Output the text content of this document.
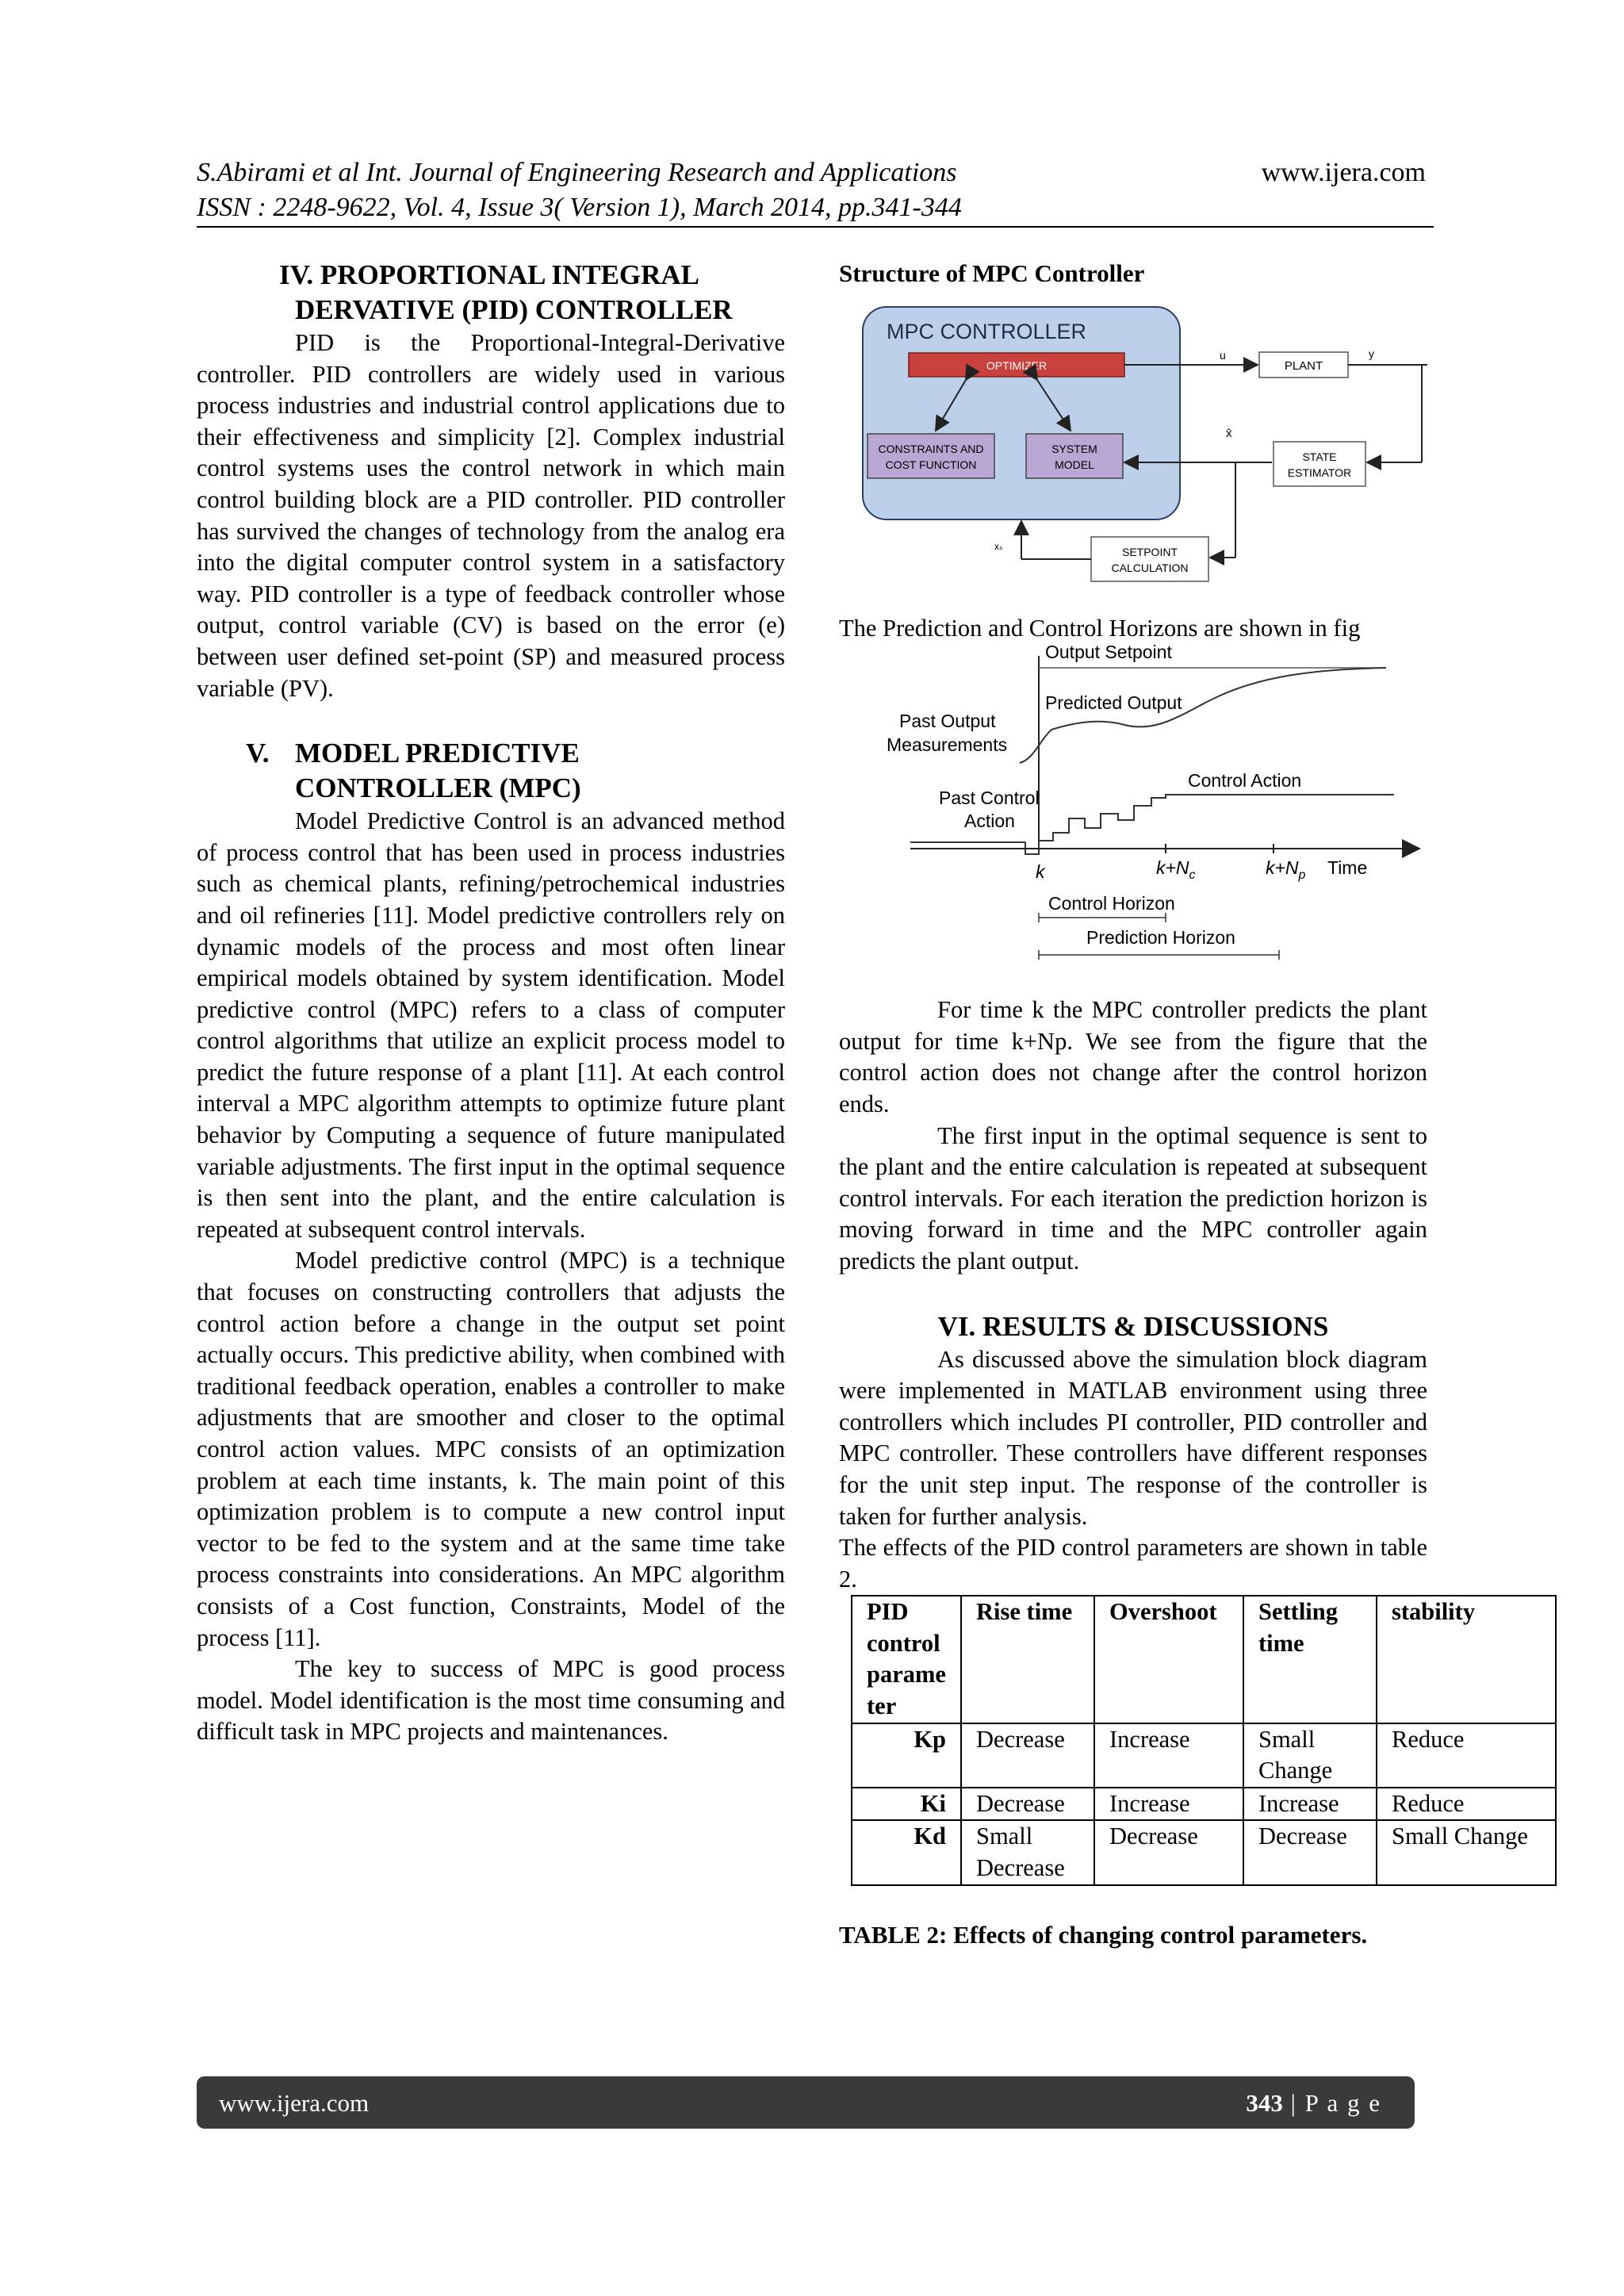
S.Abirami et al Int. Journal of Engineering Research and Applications	www.ijera.com
ISSN : 2248-9622, Vol. 4, Issue 3( Version 1), March 2014, pp.341-344
IV. PROPORTIONAL INTEGRAL
DERVATIVE (PID) CONTROLLER

PID is the Proportional-Integral-Derivative controller. PID controllers are widely used in various process industries and industrial control applications due to their effectiveness and simplicity [2]. Complex industrial control systems uses the control network in which main control building block are a PID controller. PID controller has survived the changes of technology from the analog era into the digital computer control system in a satisfactory way. PID controller is a type of feedback controller whose output, control variable (CV) is based on the error (e) between user defined set-point (SP) and measured process variable (PV).

V. MODEL PREDICTIVE
CONTROLLER (MPC)

Model Predictive Control is an advanced method of process control that has been used in process industries such as chemical plants, refining/petrochemical industries and oil refineries [11]. Model predictive controllers rely on dynamic models of the process and most often linear empirical models obtained by system identification. Model predictive control (MPC) refers to a class of computer control algorithms that utilize an explicit process model to predict the future response of a plant [11]. At each control interval a MPC algorithm attempts to optimize future plant behavior by Computing a sequence of future manipulated variable adjustments. The first input in the optimal sequence is then sent into the plant, and the entire calculation is repeated at subsequent control intervals.

Model predictive control (MPC) is a technique that focuses on constructing controllers that adjusts the control action before a change in the output set point actually occurs. This predictive ability, when combined with traditional feedback operation, enables a controller to make adjustments that are smoother and closer to the optimal control action values. MPC consists of an optimization problem at each time instants, k. The main point of this optimization problem is to compute a new control input vector to be fed to the system and at the same time take process constraints into considerations. An MPC algorithm consists of a Cost function, Constraints, Model of the process [11].

The key to success of MPC is good process model. Model identification is the most time consuming and difficult task in MPC projects and maintenances.

Structure of MPC Controller
MPC CONTROLLER
OPTIMIZER
CONSTRAINTS AND
COST FUNCTION
SYSTEM
MODEL
u
PLANT
y
STATE
ESTIMATOR
x̂
SETPOINT
CALCULATION
xₛ

The Prediction and Control Horizons are shown in fig

Output Setpoint
Predicted Output
Past Output
Measurements
Control Action
Past Control
Action
k	$k+N_c$	$k+N_p$ Time
Control Horizon
Prediction Horizon

For time k the MPC controller predicts the plant output for time k+Np. We see from the figure that the control action does not change after the control horizon ends.

The first input in the optimal sequence is sent to the plant and the entire calculation is repeated at subsequent control intervals. For each iteration the prediction horizon is moving forward in time and the MPC controller again predicts the plant output.

VI. RESULTS & DISCUSSIONS

As discussed above the simulation block diagram were implemented in MATLAB environment using three controllers which includes PI controller, PID controller and MPC controller. These controllers have different responses for the unit step input. The response of the controller is taken for further analysis.

The effects of the PID control parameters are shown in table 2.

PID control parame ter	Rise time	Overshoot	Settling time	stability
Kp	Decrease	Increase	Small Change	Reduce
Ki	Decrease	Increase	Increase	Reduce
Kd	Small Decrease	Decrease	Decrease	Small Change
TABLE 2: Effects of changing control parameters.
www.ijera.com	343 | P a g e
